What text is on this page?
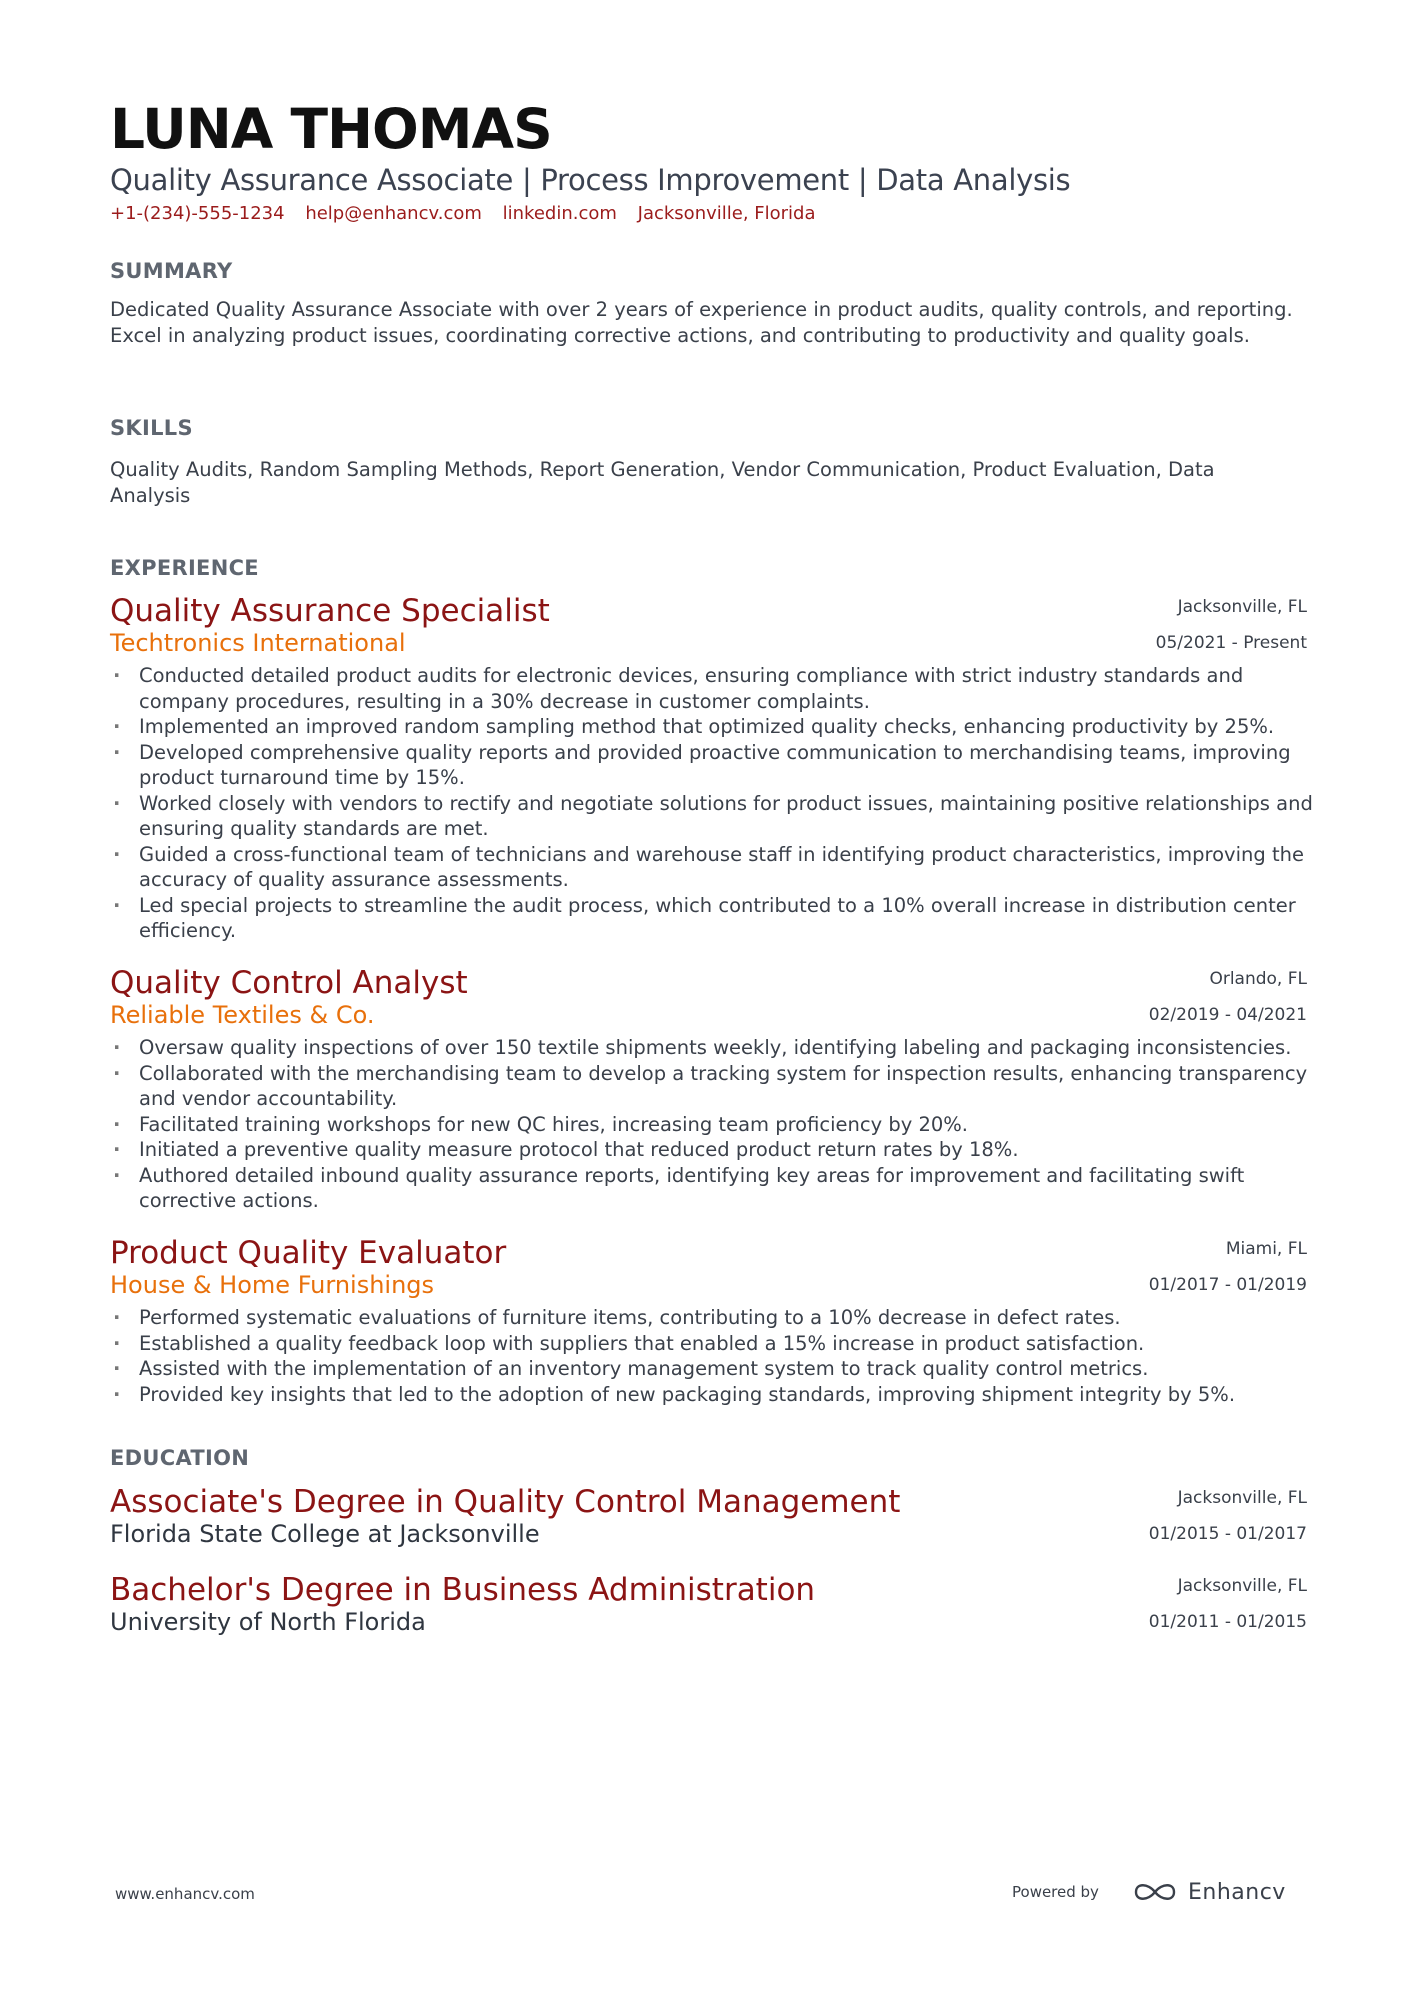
LUNA THOMAS
Quality Assurance Associate | Process Improvement | Data Analysis
+1-(234)-555-1234 help@enhancv.com linkedin.com Jacksonville, Florida
SUMMARY
Dedicated Quality Assurance Associate with over 2 years of experience in product audits, quality controls, and reporting. Excel in analyzing product issues, coordinating corrective actions, and contributing to productivity and quality goals.
SKILLS
Quality Audits, Random Sampling Methods, Report Generation, Vendor Communication, Product Evaluation, Data Analysis
EXPERIENCE
Quality Assurance Specialist
Techtronics International
Jacksonville, FL
05/2021 - Present
· Conducted detailed product audits for electronic devices, ensuring compliance with strict industry standards and company procedures, resulting in a 30% decrease in customer complaints.
· Implemented an improved random sampling method that optimized quality checks, enhancing productivity by 25%.
· Developed comprehensive quality reports and provided proactive communication to merchandising teams, improving product turnaround time by 15%.
· Worked closely with vendors to rectify and negotiate solutions for product issues, maintaining positive relationships and ensuring quality standards are met.
· Guided a cross-functional team of technicians and warehouse staff in identifying product characteristics, improving the accuracy of quality assurance assessments.
· Led special projects to streamline the audit process, which contributed to a 10% overall increase in distribution center efficiency.
Quality Control Analyst
Reliable Textiles & Co.
Orlando, FL
02/2019 - 04/2021
· Oversaw quality inspections of over 150 textile shipments weekly, identifying labeling and packaging inconsistencies.
· Collaborated with the merchandising team to develop a tracking system for inspection results, enhancing transparency and vendor accountability.
· Facilitated training workshops for new QC hires, increasing team proficiency by 20%.
· Initiated a preventive quality measure protocol that reduced product return rates by 18%.
· Authored detailed inbound quality assurance reports, identifying key areas for improvement and facilitating swift corrective actions.
Product Quality Evaluator
House & Home Furnishings
Miami, FL
01/2017 - 01/2019
· Performed systematic evaluations of furniture items, contributing to a 10% decrease in defect rates.
· Established a quality feedback loop with suppliers that enabled a 15% increase in product satisfaction.
· Assisted with the implementation of an inventory management system to track quality control metrics.
· Provided key insights that led to the adoption of new packaging standards, improving shipment integrity by 5%.
EDUCATION
Associate's Degree in Quality Control Management
Florida State College at Jacksonville
Jacksonville, FL
01/2015 - 01/2017
Bachelor's Degree in Business Administration
University of North Florida
Jacksonville, FL
01/2011 - 01/2015
www.enhancv.com	Powered by	Enhancv
